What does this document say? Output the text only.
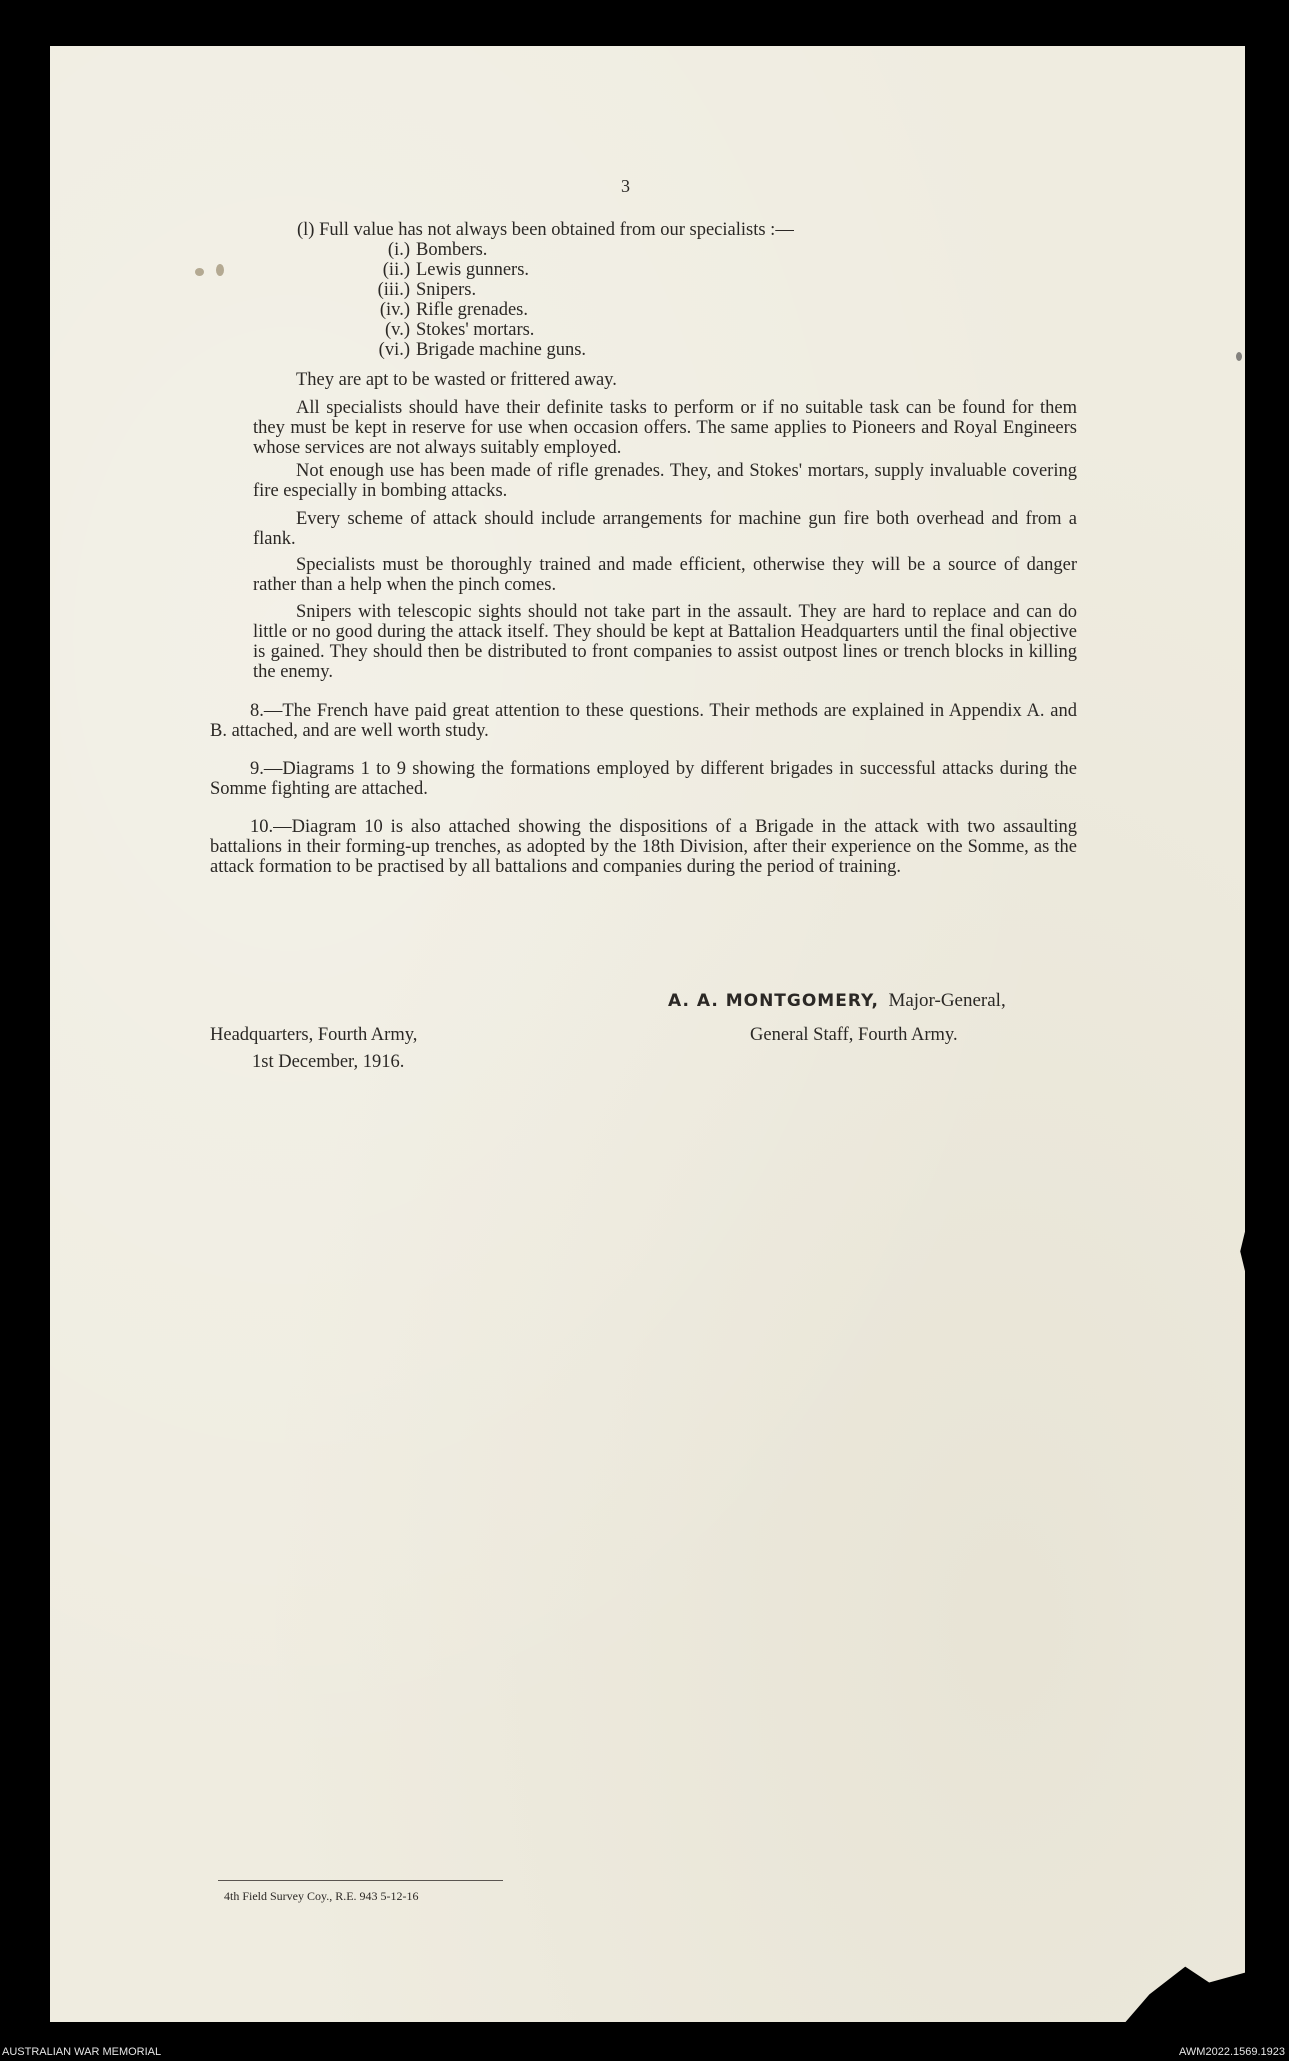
3
(l) Full value has not always been obtained from our specialists :—
(i.) Bombers.
(ii.) Lewis gunners.
(iii.) Snipers.
(iv.) Rifle grenades.
(v.) Stokes' mortars.
(vi.) Brigade machine guns.
They are apt to be wasted or frittered away.
All specialists should have their definite tasks to perform or if no suitable task can be found for them they must be kept in reserve for use when occasion offers. The same applies to Pioneers and Royal Engineers whose services are not always suitably employed.
Not enough use has been made of rifle grenades. They, and Stokes' mortars, supply invaluable covering fire especially in bombing attacks.
Every scheme of attack should include arrangements for machine gun fire both overhead and from a flank.
Specialists must be thoroughly trained and made efficient, otherwise they will be a source of danger rather than a help when the pinch comes.
Snipers with telescopic sights should not take part in the assault. They are hard to replace and can do little or no good during the attack itself. They should be kept at Battalion Headquarters until the final objective is gained. They should then be distributed to front companies to assist outpost lines or trench blocks in killing the enemy.
8.—The French have paid great attention to these questions. Their methods are explained in Appendix A. and B. attached, and are well worth study.
9.—Diagrams 1 to 9 showing the formations employed by different brigades in successful attacks during the Somme fighting are attached.
10.—Diagram 10 is also attached showing the dispositions of a Brigade in the attack with two assaulting battalions in their forming-up trenches, as adopted by the 18th Division, after their experience on the Somme, as the attack formation to be practised by all battalions and companies during the period of training.
A. A. MONTGOMERY, Major-General,
General Staff, Fourth Army.
Headquarters, Fourth Army,
1st December, 1916.
4th Field Survey Coy., R.E. 943 5-12-16
AUSTRALIAN WAR MEMORIAL	AWM2022.1569.1923
